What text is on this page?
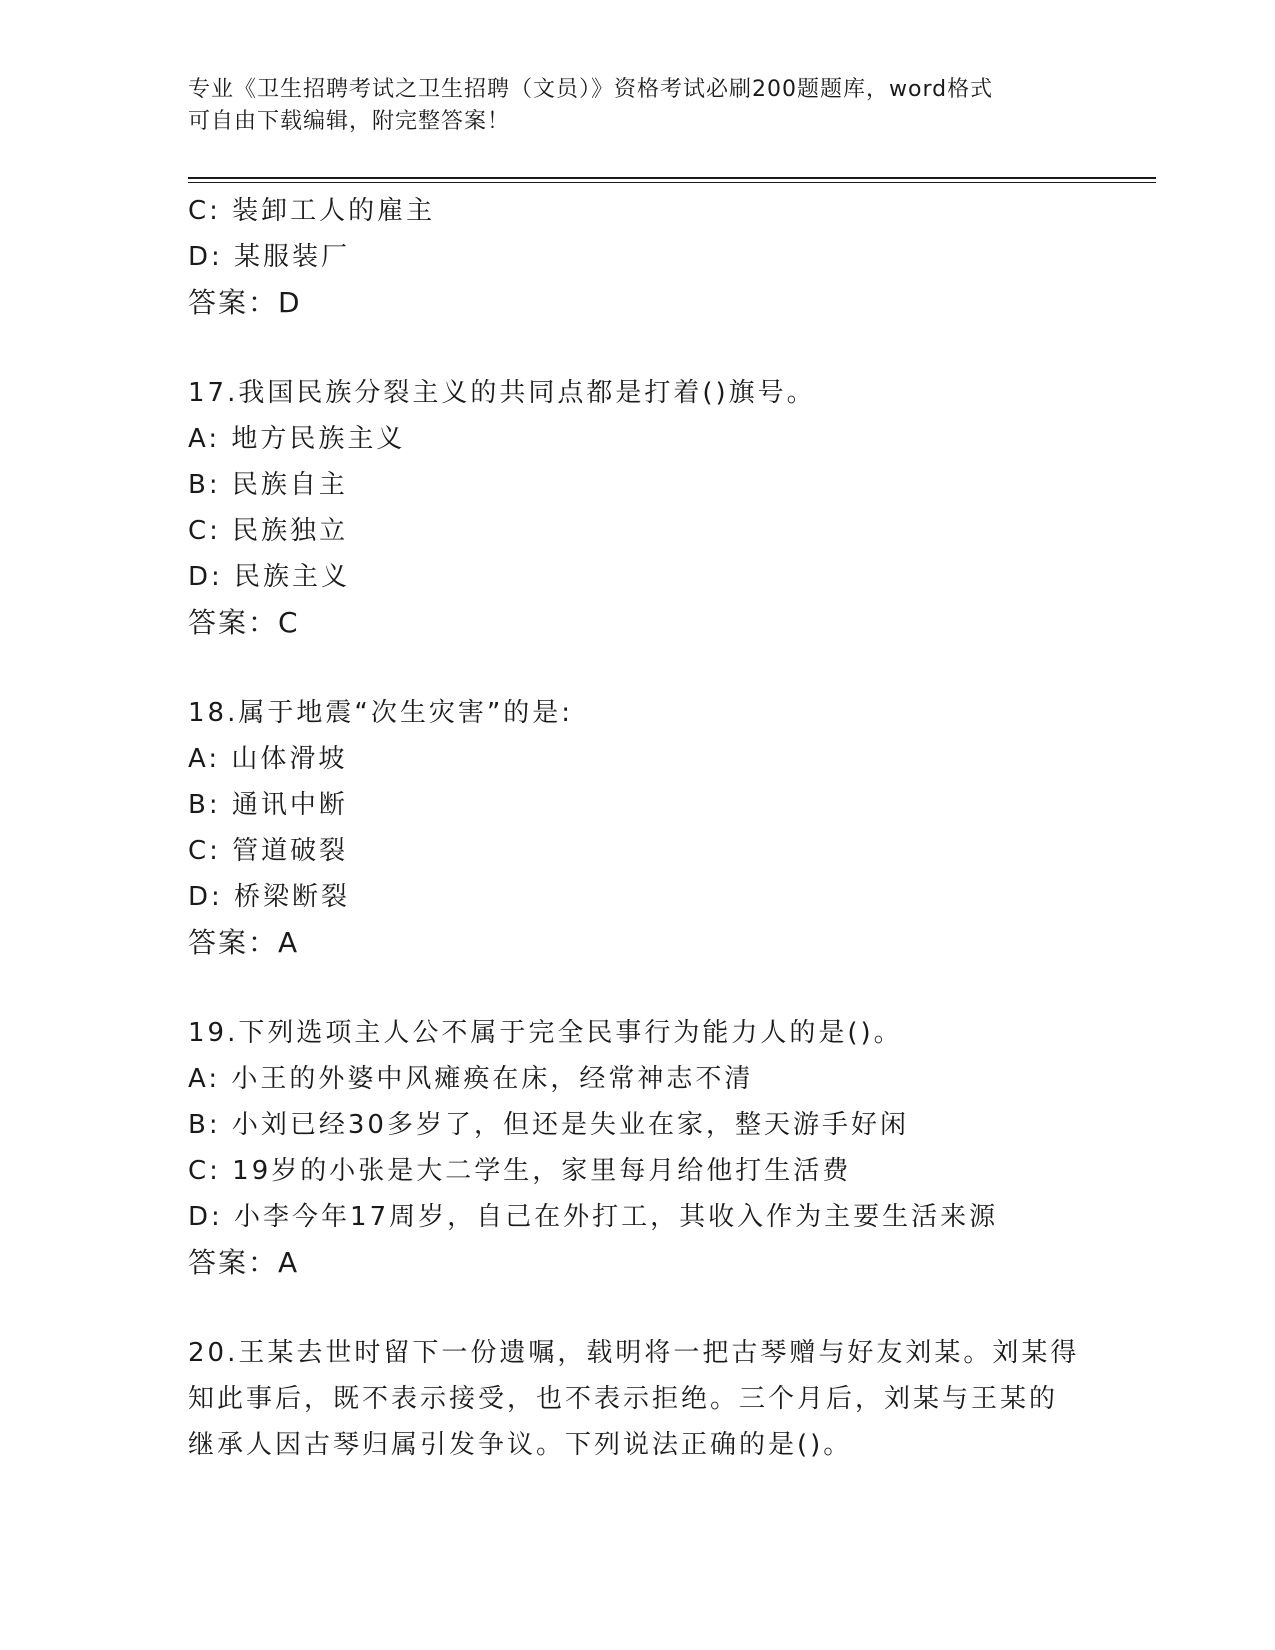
专业《卫生招聘考试之卫生招聘（文员）》资格考试必刷200题题库，word格式
可自由下载编辑，附完整答案！
C: 装卸工人的雇主
D: 某服装厂
答案：D
17.我国民族分裂主义的共同点都是打着()旗号。
A: 地方民族主义
B: 民族自主
C: 民族独立
D: 民族主义
答案：C
18.属于地震“次生灾害”的是:
A: 山体滑坡
B: 通讯中断
C: 管道破裂
D: 桥梁断裂
答案：A
19.下列选项主人公不属于完全民事行为能力人的是()。
A: 小王的外婆中风瘫痪在床，经常神志不清
B: 小刘已经30多岁了，但还是失业在家，整天游手好闲
C: 19岁的小张是大二学生，家里每月给他打生活费
D: 小李今年17周岁，自己在外打工，其收入作为主要生活来源
答案：A
20.王某去世时留下一份遗嘱，载明将一把古琴赠与好友刘某。刘某得
知此事后，既不表示接受，也不表示拒绝。三个月后，刘某与王某的
继承人因古琴归属引发争议。下列说法正确的是()。
